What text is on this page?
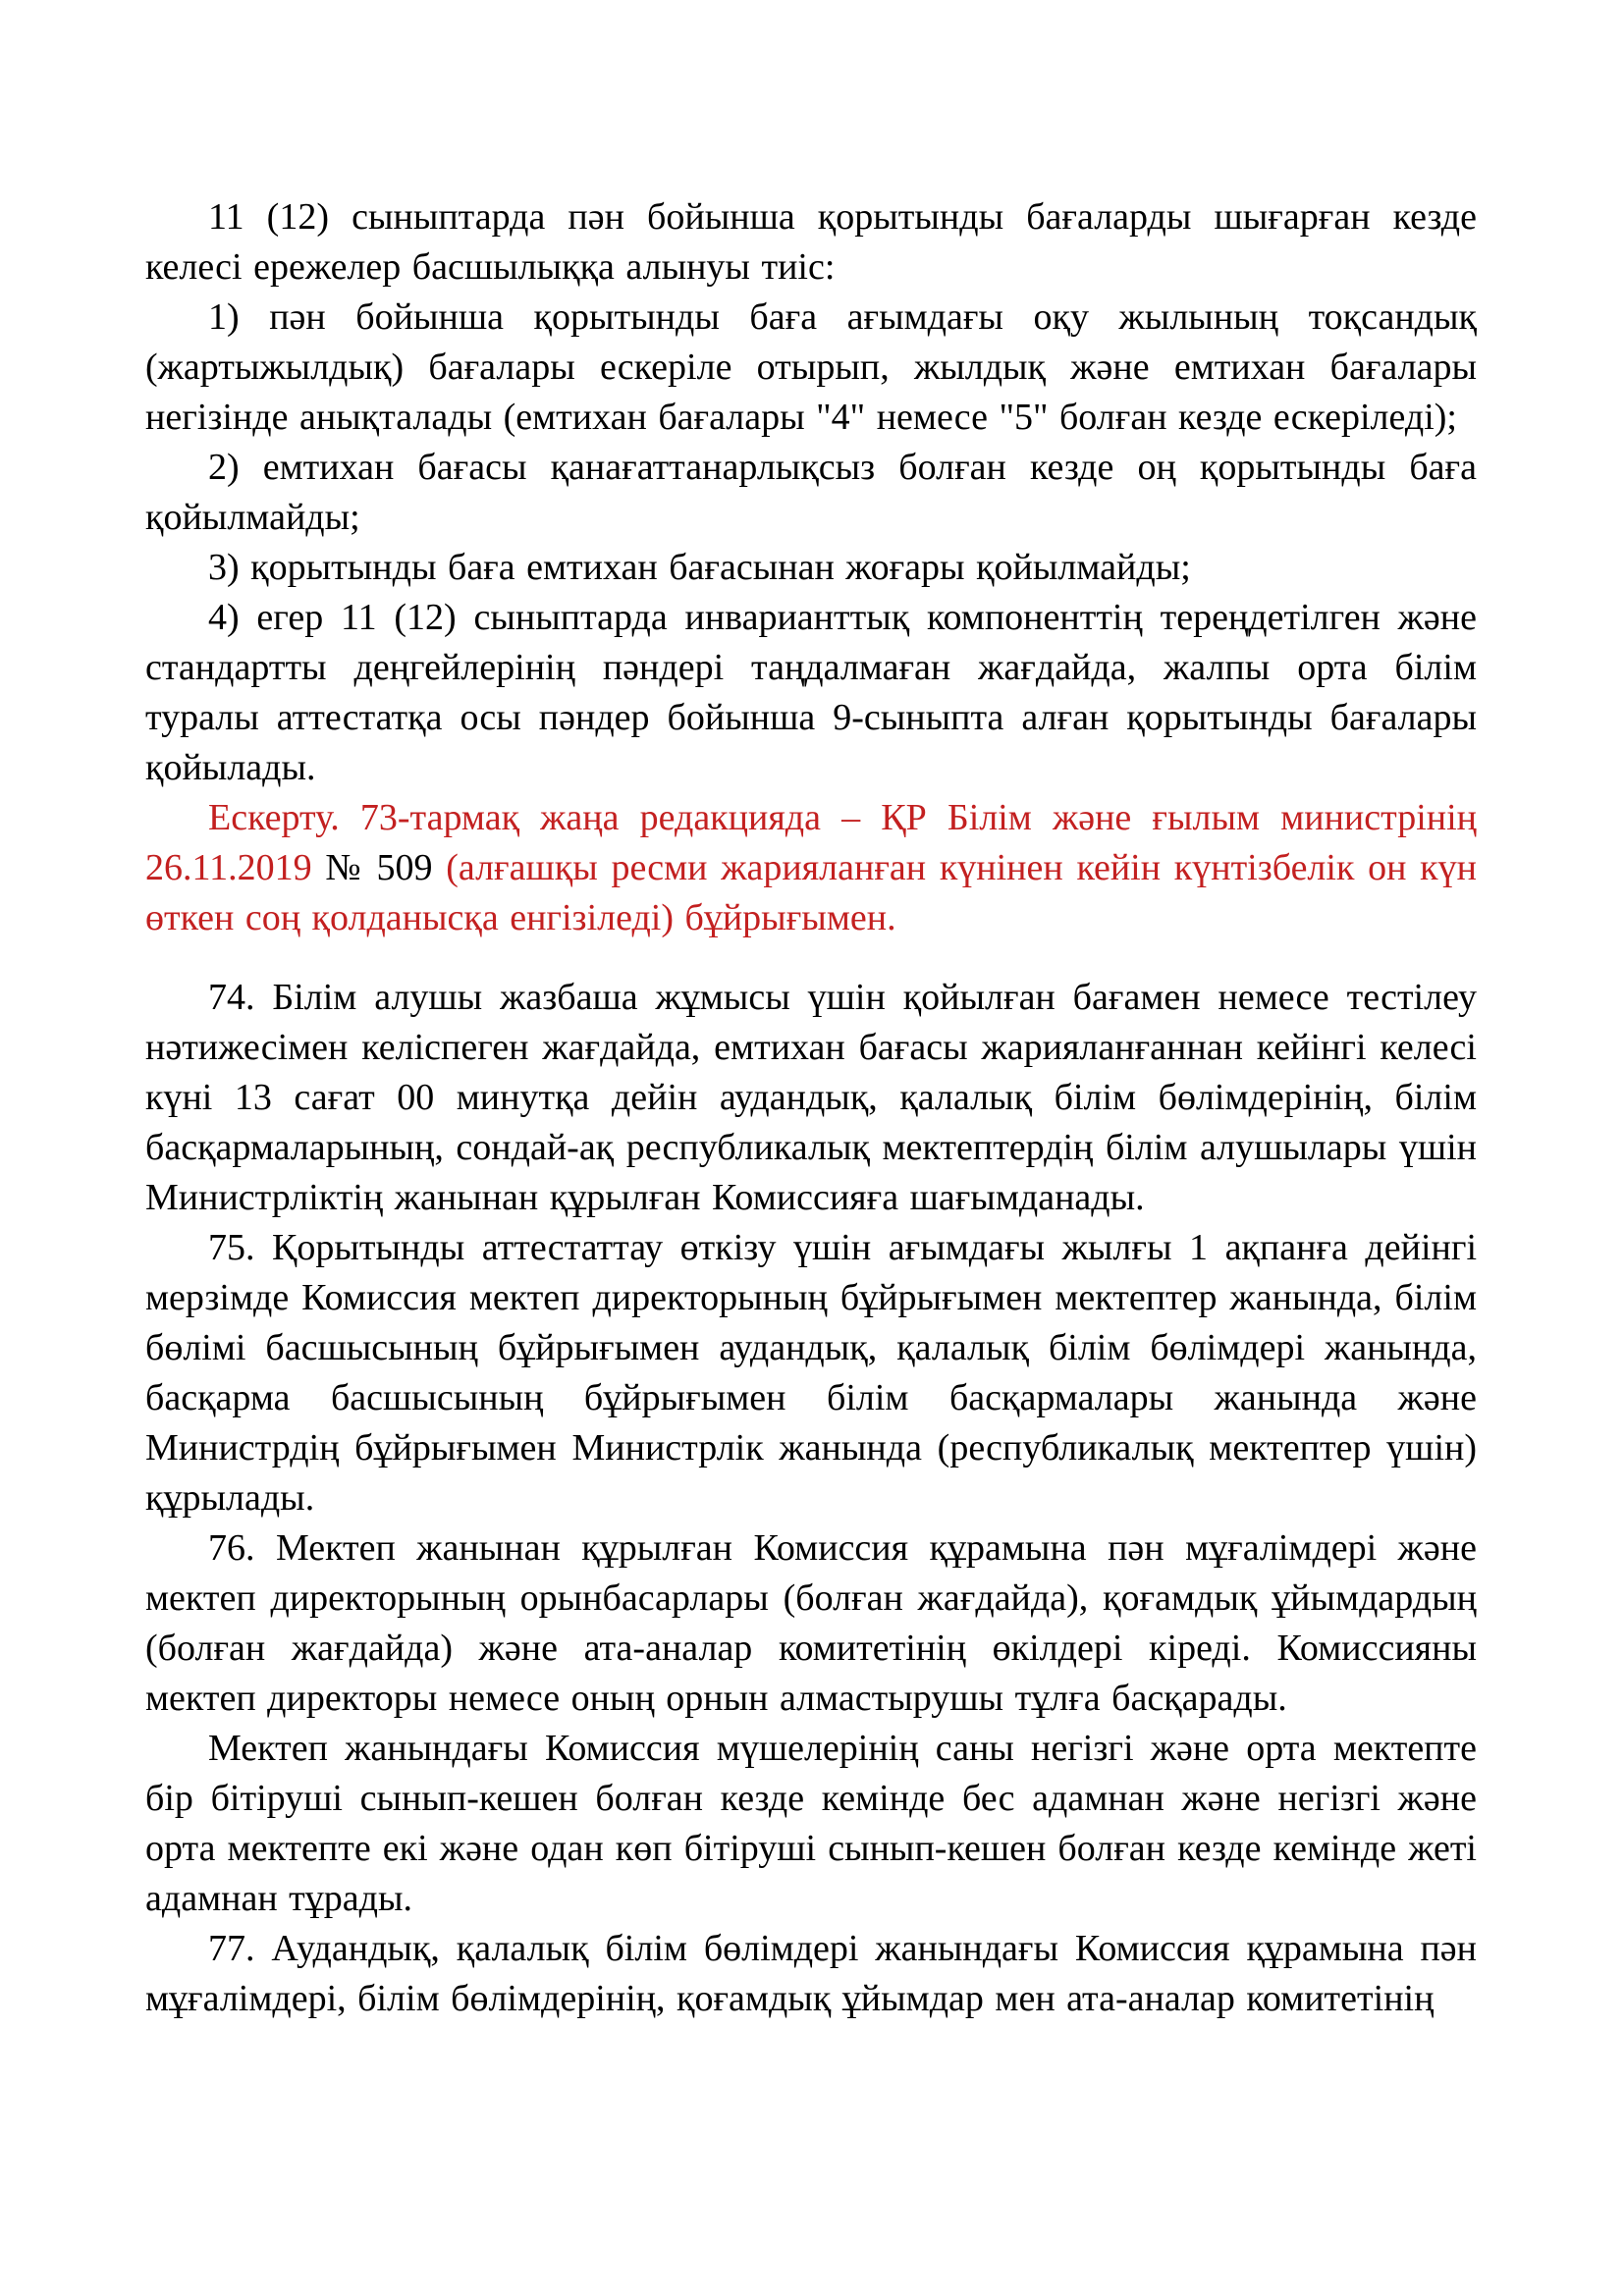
11 (12) сыныптарда пән бойынша қорытынды бағаларды шығарған кезде келесі ережелер басшылыққа алынуы тиіс:

1) пән бойынша қорытынды баға ағымдағы оқу жылының тоқсандық (жартыжылдық) бағалары ескеріле отырып, жылдық және емтихан бағалары негізінде анықталады (емтихан бағалары "4" немесе "5" болған кезде ескеріледі);

2) емтихан бағасы қанағаттанарлықсыз болған кезде оң қорытынды баға қойылмайды;

3) қорытынды баға емтихан бағасынан жоғары қойылмайды;

4) егер 11 (12) сыныптарда инварианттық компоненттің тереңдетілген және стандартты деңгейлерінің пәндері таңдалмаған жағдайда, жалпы орта білім туралы аттестатқа осы пәндер бойынша 9-сыныпта алған қорытынды бағалары қойылады.

Ескерту. 73-тармақ жаңа редакцияда – ҚР Білім және ғылым министрінің 26.11.2019 № 509 (алғашқы ресми жарияланған күнінен кейін күнтізбелік он күн өткен соң қолданысқа енгізіледі) бұйрығымен.

74. Білім алушы жазбаша жұмысы үшін қойылған бағамен немесе тестілеу нәтижесімен келіспеген жағдайда, емтихан бағасы жарияланғаннан кейінгі келесі күні 13 сағат 00 минутқа дейін аудандық, қалалық білім бөлімдерінің, білім басқармаларының, сондай-ақ республикалық мектептердің білім алушылары үшін Министрліктің жанынан құрылған Комиссияға шағымданады.

75. Қорытынды аттестаттау өткізу үшін ағымдағы жылғы 1 ақпанға дейінгі мерзімде Комиссия мектеп директорының бұйрығымен мектептер жанында, білім бөлімі басшысының бұйрығымен аудандық, қалалық білім бөлімдері жанында, басқарма басшысының бұйрығымен білім басқармалары жанында және Министрдің бұйрығымен Министрлік жанында (республикалық мектептер үшін) құрылады.

76. Мектеп жанынан құрылған Комиссия құрамына пән мұғалімдері және мектеп директорының орынбасарлары (болған жағдайда), қоғамдық ұйымдардың (болған жағдайда) және ата-аналар комитетінің өкілдері кіреді. Комиссияны мектеп директоры немесе оның орнын алмастырушы тұлға басқарады.

Мектеп жанындағы Комиссия мүшелерінің саны негізгі және орта мектепте бір бітіруші сынып-кешен болған кезде кемінде бес адамнан және негізгі және орта мектепте екі және одан көп бітіруші сынып-кешен болған кезде кемінде жеті адамнан тұрады.

77. Аудандық, қалалық білім бөлімдері жанындағы Комиссия құрамына пән мұғалімдері, білім бөлімдерінің, қоғамдық ұйымдар мен ата-аналар комитетінің
